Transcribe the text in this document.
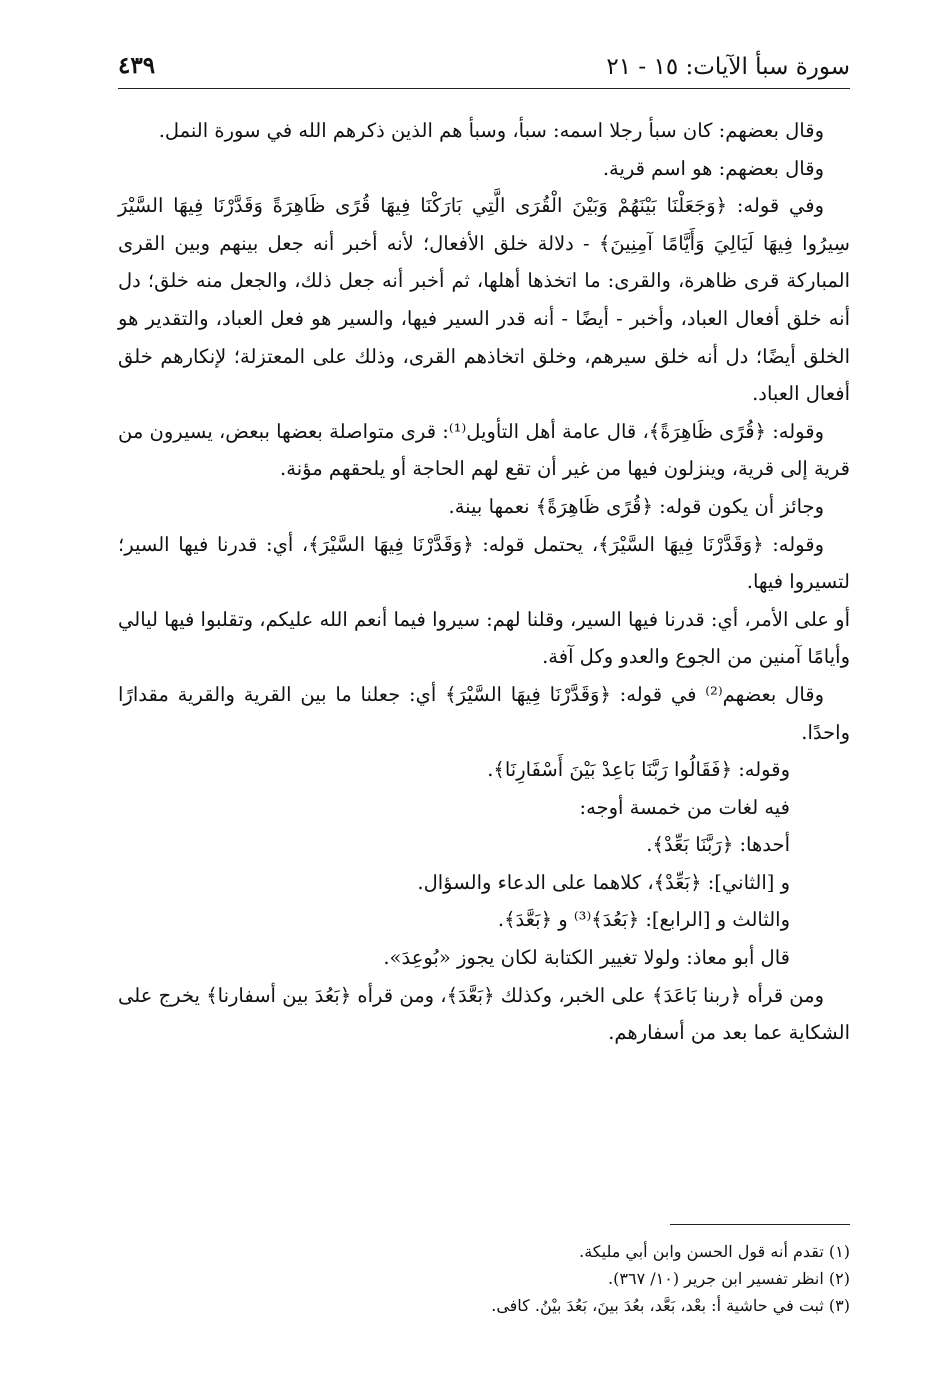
سورة سبأ الآيات: ١٥ - ٢١
٤٣٩

وقال بعضهم: كان سبأ رجلا اسمه: سبأ، وسبأ هم الذين ذكرهم الله في سورة النمل.

وقال بعضهم: هو اسم قرية.

وفي قوله: ﴿وَجَعَلْنَا بَيْنَهُمْ وَبَيْنَ الْقُرَى الَّتِي بَارَكْنَا فِيهَا قُرًى ظَاهِرَةً وَقَدَّرْنَا فِيهَا السَّيْرَ سِيرُوا فِيهَا لَيَالِيَ وَأَيَّامًا آمِنِينَ﴾ - دلالة خلق الأفعال؛ لأنه أخبر أنه جعل بينهم وبين القرى المباركة قرى ظاهرة، والقرى: ما اتخذها أهلها، ثم أخبر أنه جعل ذلك، والجعل منه خلق؛ دل أنه خلق أفعال العباد، وأخبر - أيضًا - أنه قدر السير فيها، والسير هو فعل العباد، والتقدير هو الخلق أيضًا؛ دل أنه خلق سيرهم، وخلق اتخاذهم القرى، وذلك على المعتزلة؛ لإنكارهم خلق أفعال العباد.

وقوله: ﴿قُرًى ظَاهِرَةً﴾، قال عامة أهل التأويل⁽¹⁾: قرى متواصلة بعضها ببعض، يسيرون من قرية إلى قرية، وينزلون فيها من غير أن تقع لهم الحاجة أو يلحقهم مؤنة.

وجائز أن يكون قوله: ﴿قُرًى ظَاهِرَةً﴾ نعمها بينة.

وقوله: ﴿وَقَدَّرْنَا فِيهَا السَّيْرَ﴾، يحتمل قوله: ﴿وَقَدَّرْنَا فِيهَا السَّيْرَ﴾، أي: قدرنا فيها السير؛ لتسيروا فيها.

أو على الأمر، أي: قدرنا فيها السير، وقلنا لهم: سيروا فيما أنعم الله عليكم، وتقلبوا فيها ليالي وأيامًا آمنين من الجوع والعدو وكل آفة.

وقال بعضهم⁽²⁾ في قوله: ﴿وَقَدَّرْنَا فِيهَا السَّيْرَ﴾ أي: جعلنا ما بين القرية والقرية مقدارًا واحدًا.

وقوله: ﴿فَقَالُوا رَبَّنَا بَاعِدْ بَيْنَ أَسْفَارِنَا﴾.

فيه لغات من خمسة أوجه:

أحدها: ﴿رَبَّنَا بَعِّدْ﴾.

و [الثاني]: ﴿بَعِّدْ﴾، كلاهما على الدعاء والسؤال.

والثالث و [الرابع]: ﴿بَعُدَ﴾⁽³⁾ و ﴿بَعَّدَ﴾.

قال أبو معاذ: ولولا تغيير الكتابة لكان يجوز «بُوعِدَ».

ومن قرأه ﴿ربنا بَاعَدَ﴾ على الخبر، وكذلك ﴿بَعَّدَ﴾، ومن قرأه ﴿بَعُدَ بين أسفارنا﴾ يخرج على الشكاية عما بعد من أسفارهم.

(١) تقدم أنه قول الحسن وابن أبي مليكة.
(٢) انظر تفسير ابن جرير (١٠/ ٣٦٧).
(٣) ثبت في حاشية أ: بعْد، بَعَّد، بعُدَ بينَ، بَعُدَ بيْنُ. كافى.
